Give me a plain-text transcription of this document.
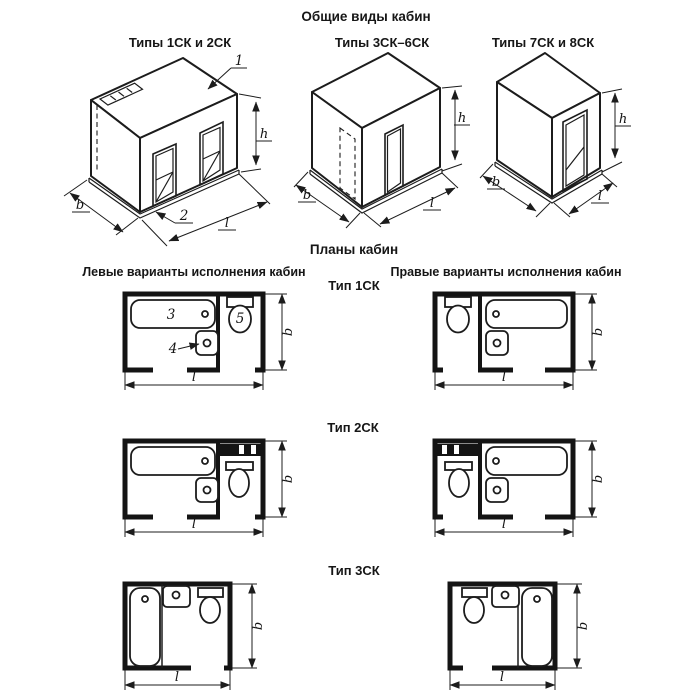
Общие виды кабин
Типы 1СК и 2СК	Типы 3СК–6СК	Типы 7СК и 8СК
Планы кабин
Левые варианты исполнения кабин	Правые варианты исполнения кабин
Тип 1СК
Тип 2СК
Тип 3СК
h
b
l
1
2
h
b
l
h
b
l
3
4
5
b
l
b
l
b
l
b
l
b
l
b
l
